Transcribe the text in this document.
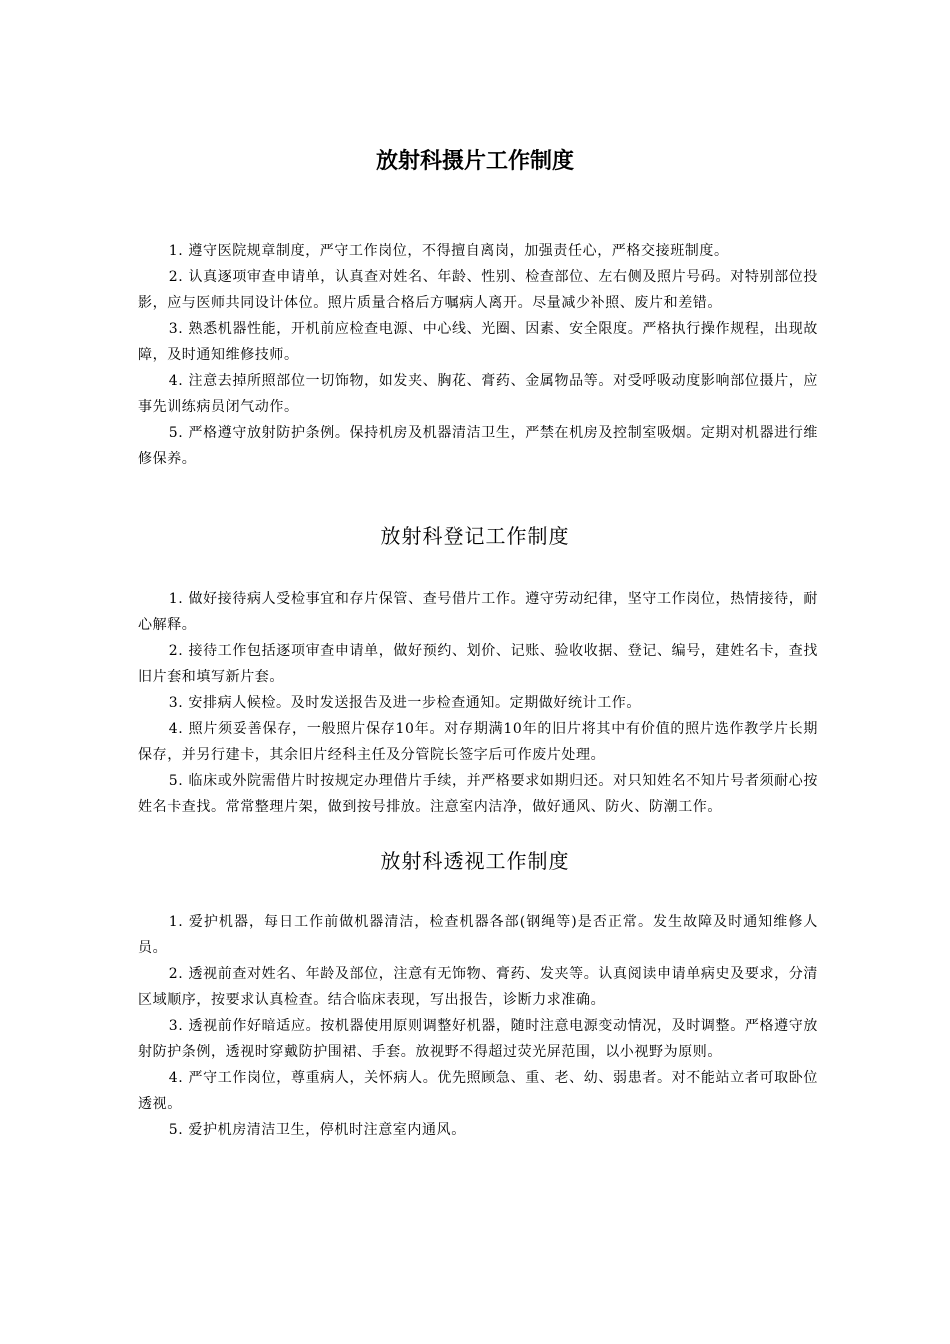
放射科摄片工作制度

1. 遵守医院规章制度，严守工作岗位，不得擅自离岗，加强责任心，严格交接班制度。

2. 认真逐项审查申请单，认真查对姓名、年龄、性别、检查部位、左右侧及照片号码。对特别部位投影，应与医师共同设计体位。照片质量合格后方嘱病人离开。尽量减少补照、废片和差错。

3. 熟悉机器性能，开机前应检查电源、中心线、光圈、因素、安全限度。严格执行操作规程，出现故障，及时通知维修技师。

4. 注意去掉所照部位一切饰物，如发夹、胸花、膏药、金属物品等。对受呼吸动度影响部位摄片，应事先训练病员闭气动作。

5. 严格遵守放射防护条例。保持机房及机器清洁卫生，严禁在机房及控制室吸烟。定期对机器进行维修保养。

放射科登记工作制度

1. 做好接待病人受检事宜和存片保管、查号借片工作。遵守劳动纪律，坚守工作岗位，热情接待，耐心解释。

2. 接待工作包括逐项审查申请单，做好预约、划价、记账、验收收据、登记、编号，建姓名卡，查找旧片套和填写新片套。

3. 安排病人候检。及时发送报告及进一步检查通知。定期做好统计工作。

4. 照片须妥善保存，一般照片保存10年。对存期满10年的旧片将其中有价值的照片选作教学片长期保存，并另行建卡，其余旧片经科主任及分管院长签字后可作废片处理。

5. 临床或外院需借片时按规定办理借片手续，并严格要求如期归还。对只知姓名不知片号者须耐心按姓名卡查找。常常整理片架，做到按号排放。注意室内洁净，做好通风、防火、防潮工作。

放射科透视工作制度

1. 爱护机器，每日工作前做机器清洁，检查机器各部(钢绳等)是否正常。发生故障及时通知维修人员。

2. 透视前查对姓名、年龄及部位，注意有无饰物、膏药、发夹等。认真阅读申请单病史及要求，分清区域顺序，按要求认真检查。结合临床表现，写出报告，诊断力求准确。

3. 透视前作好暗适应。按机器使用原则调整好机器，随时注意电源变动情况，及时调整。严格遵守放射防护条例，透视时穿戴防护围裙、手套。放视野不得超过荧光屏范围，以小视野为原则。

4. 严守工作岗位，尊重病人，关怀病人。优先照顾急、重、老、幼、弱患者。对不能站立者可取卧位透视。

5. 爱护机房清洁卫生，停机时注意室内通风。
